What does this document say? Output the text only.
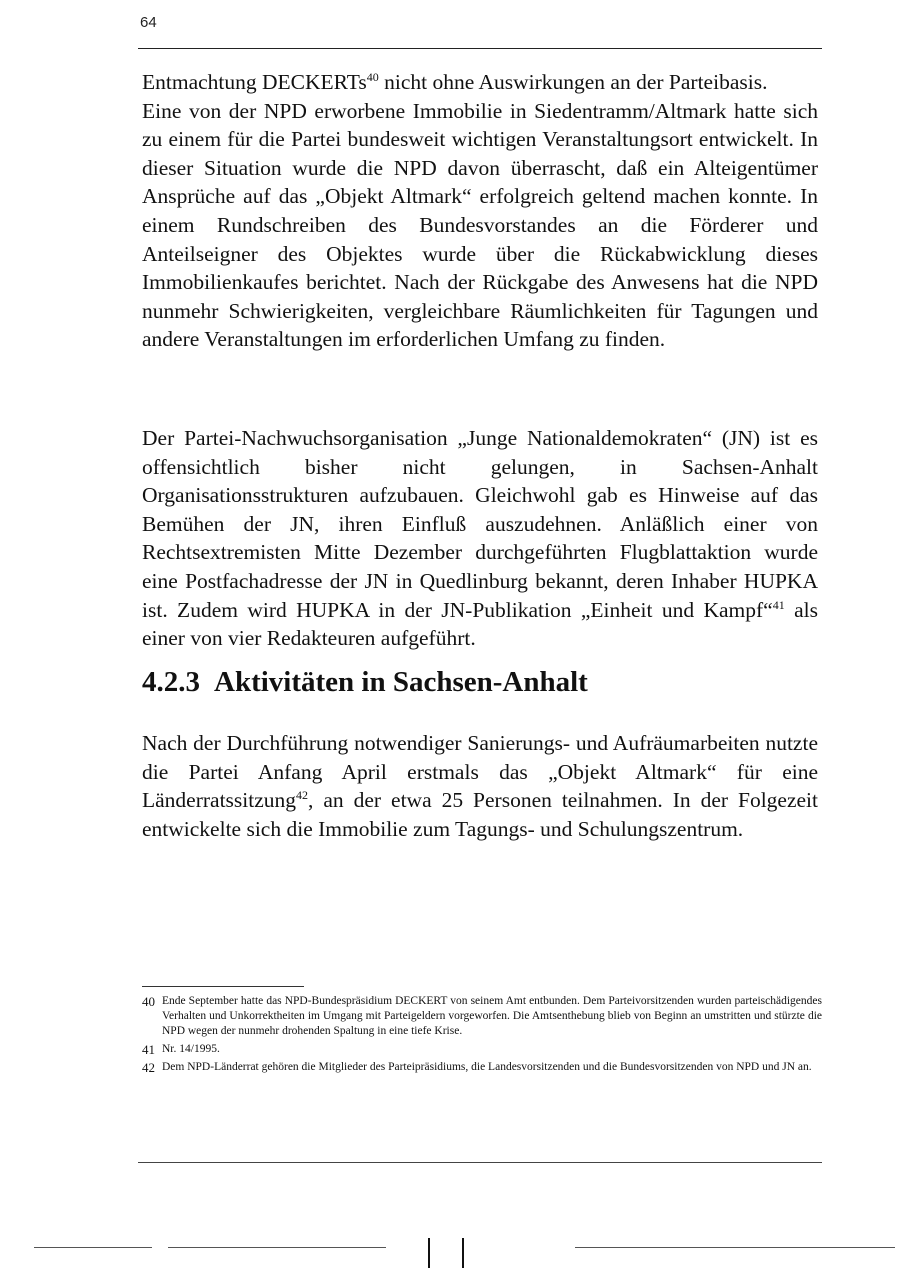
64

Entmachtung DECKERTs$^{40}$ nicht ohne Auswirkungen an der Parteibasis.

Eine von der NPD erworbene Immobilie in Siedentramm/Altmark hatte sich zu einem für die Partei bundesweit wichtigen Veranstaltungsort entwickelt. In dieser Situation wurde die NPD davon überrascht, daß ein Alteigentümer Ansprüche auf das „Objekt Altmark“ erfolgreich geltend machen konnte. In einem Rundschreiben des Bundesvorstandes an die Förderer und Anteilseigner des Objektes wurde über die Rückabwicklung dieses Immobilienkaufes berichtet. Nach der Rückgabe des Anwesens hat die NPD nunmehr Schwierigkeiten, vergleichbare Räumlichkeiten für Tagungen und andere Veranstaltungen im erforderlichen Umfang zu finden.

Der Partei-Nachwuchsorganisation „Junge Nationaldemokraten“ (JN) ist es offensichtlich bisher nicht gelungen, in Sachsen-Anhalt Organisationsstrukturen aufzubauen. Gleichwohl gab es Hinweise auf das Bemühen der JN, ihren Einfluß auszudehnen. Anläßlich einer von Rechtsextremisten Mitte Dezember durchgeführten Flugblattaktion wurde eine Postfachadresse der JN in Quedlinburg bekannt, deren Inhaber HUPKA ist. Zudem wird HUPKA in der JN-Publikation „Einheit und Kampf“$^{41}$ als einer von vier Redakteuren aufgeführt.

4.2.3 Aktivitäten in Sachsen-Anhalt

Nach der Durchführung notwendiger Sanierungs- und Aufräumarbeiten nutzte die Partei Anfang April erstmals das „Objekt Altmark“ für eine Länderratssitzung$^{42}$, an der etwa 25 Personen teilnahmen. In der Folgezeit entwickelte sich die Immobilie zum Tagungs- und Schulungszentrum.

40 Ende September hatte das NPD-Bundespräsidium DECKERT von seinem Amt entbunden. Dem Parteivorsitzenden wurden parteischädigendes Verhalten und Unkorrektheiten im Umgang mit Parteigeldern vorgeworfen. Die Amtsenthebung blieb von Beginn an umstritten und stürzte die NPD wegen der nunmehr drohenden Spaltung in eine tiefe Krise.
41 Nr. 14/1995.
42 Dem NPD-Länderrat gehören die Mitglieder des Parteipräsidiums, die Landesvorsitzenden und die Bundesvorsitzenden von NPD und JN an.
